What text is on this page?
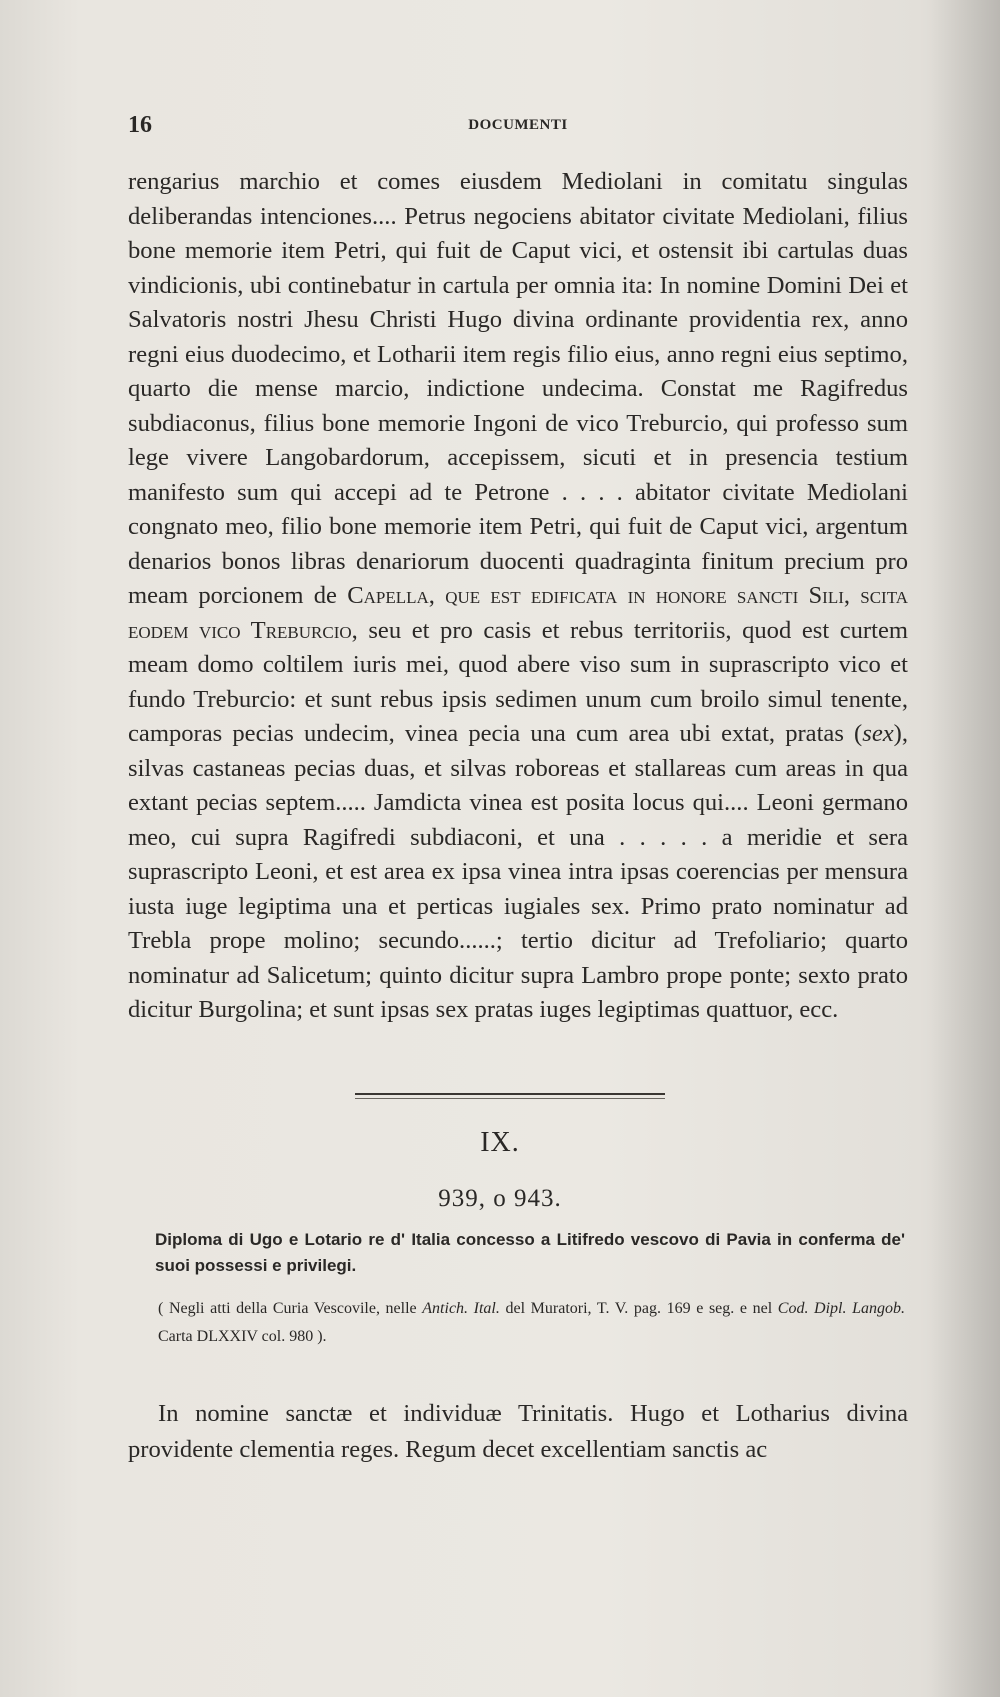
16	DOCUMENTI
rengarius marchio et comes eiusdem Mediolani in comitatu singulas deliberandas intenciones.... Petrus negociens abitator civitate Mediolani, filius bone memorie item Petri, qui fuit de Caput vici, et ostensit ibi cartulas duas vindicionis, ubi continebatur in cartula per omnia ita: In nomine Domini Dei et Salvatoris nostri Jhesu Christi Hugo divina ordinante providentia rex, anno regni eius duodecimo, et Lotharii item regis filio eius, anno regni eius septimo, quarto die mense marcio, indictione undecima. Constat me Ragifredus subdiaconus, filius bone memorie Ingoni de vico Treburcio, qui professo sum lege vivere Langobardorum, accepissem, sicuti et in presencia testium manifesto sum qui accepi ad te Petrone . . . . abitator civitate Mediolani congnato meo, filio bone memorie item Petri, qui fuit de Caput vici, argentum denarios bonos libras denariorum duocenti quadraginta finitum precium pro meam porcionem de Capella, que est edificata in honore sancti Sili, scita eodem vico Treburcio, seu et pro casis et rebus territoriis, quod est curtem meam domo coltilem iuris mei, quod abere viso sum in suprascripto vico et fundo Treburcio: et sunt rebus ipsis sedimen unum cum broilo simul tenente, camporas pecias undecim, vinea pecia una cum area ubi extat, pratas (sex), silvas castaneas pecias duas, et silvas roboreas et stallareas cum areas in qua extant pecias septem..... Jamdicta vinea est posita locus qui.... Leoni germano meo, cui supra Ragifredi subdiaconi, et una . . . . . a meridie et sera suprascripto Leoni, et est area ex ipsa vinea intra ipsas coerencias per mensura iusta iuge legiptima una et perticas iugiales sex. Primo prato nominatur ad Trebla prope molino; secundo......; tertio dicitur ad Trefoliario; quarto nominatur ad Salicetum; quinto dicitur supra Lambro prope ponte; sexto prato dicitur Burgolina; et sunt ipsas sex pratas iuges legiptimas quattuor, ecc.
IX.
939, o 943.
Diploma di Ugo e Lotario re d' Italia concesso a Litifredo vescovo di Pavia in conferma de' suoi possessi e privilegi.
( Negli atti della Curia Vescovile, nelle Antich. Ital. del Muratori, T. V. pag. 169 e seg. e nel Cod. Dipl. Langob. Carta DLXXIV col. 980 ).
In nomine sanctæ et individuæ Trinitatis. Hugo et Lotharius divina providente clementia reges. Regum decet excellentiam sanctis ac
